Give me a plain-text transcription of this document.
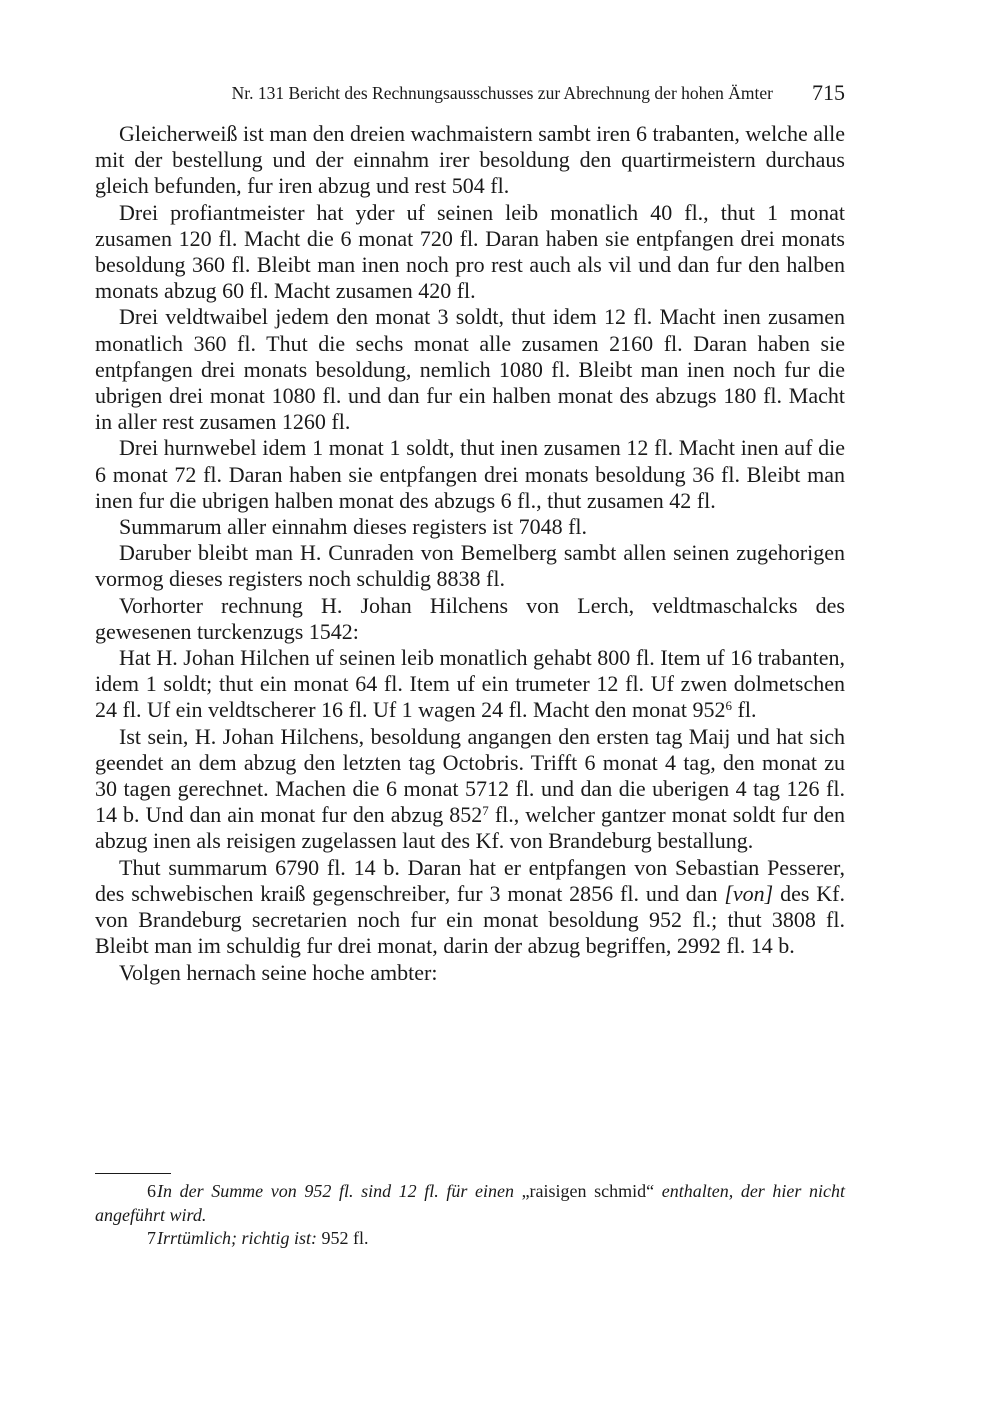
Nr. 131 Bericht des Rechnungsausschusses zur Abrechnung der hohen Ämter 715

Gleicherweiß ist man den dreien wachmaistern sambt iren 6 trabanten, welche alle mit der bestellung und der einnahm irer besoldung den quartirmeistern durchaus gleich befunden, fur iren abzug und rest 504 fl.

Drei profiantmeister hat yder uf seinen leib monatlich 40 fl., thut 1 monat zusamen 120 fl. Macht die 6 monat 720 fl. Daran haben sie entpfangen drei monats besoldung 360 fl. Bleibt man inen noch pro rest auch als vil und dan fur den halben monats abzug 60 fl. Macht zusamen 420 fl.

Drei veldtwaibel jedem den monat 3 soldt, thut idem 12 fl. Macht inen zusamen monatlich 360 fl. Thut die sechs monat alle zusamen 2160 fl. Daran haben sie entpfangen drei monats besoldung, nemlich 1080 fl. Bleibt man inen noch fur die ubrigen drei monat 1080 fl. und dan fur ein halben monat des abzugs 180 fl. Macht in aller rest zusamen 1260 fl.

Drei hurnwebel idem 1 monat 1 soldt, thut inen zusamen 12 fl. Macht inen auf die 6 monat 72 fl. Daran haben sie entpfangen drei monats besoldung 36 fl. Bleibt man inen fur die ubrigen halben monat des abzugs 6 fl., thut zusamen 42 fl.

Summarum aller einnahm dieses registers ist 7048 fl.

Daruber bleibt man H. Cunraden von Bemelberg sambt allen seinen zugehorigen vormog dieses registers noch schuldig 8838 fl.

Vorhorter rechnung H. Johan Hilchens von Lerch, veldtmaschalcks des gewesenen turckenzugs 1542:

Hat H. Johan Hilchen uf seinen leib monatlich gehabt 800 fl. Item uf 16 trabanten, idem 1 soldt; thut ein monat 64 fl. Item uf ein trumeter 12 fl. Uf zwen dolmetschen 24 fl. Uf ein veldtscherer 16 fl. Uf 1 wagen 24 fl. Macht den monat $952^6$ fl.

Ist sein, H. Johan Hilchens, besoldung angangen den ersten tag Maij und hat sich geendet an dem abzug den letzten tag Octobris. Trifft 6 monat 4 tag, den monat zu 30 tagen gerechnet. Machen die 6 monat 5712 fl. und dan die uberigen 4 tag 126 fl. 14 b. Und dan ain monat fur den abzug $852^7$ fl., welcher gantzer monat soldt fur den abzug inen als reisigen zugelassen laut des Kf. von Brandeburg bestallung.

Thut summarum 6790 fl. 14 b. Daran hat er entpfangen von Sebastian Pesserer, des schwebischen kraiß gegenschreiber, fur 3 monat 2856 fl. und dan [von] des Kf. von Brandeburg secretarien noch fur ein monat besoldung 952 fl.; thut 3808 fl. Bleibt man im schuldig fur drei monat, darin der abzug begriffen, 2992 fl. 14 b.

Volgen hernach seine hoche ambter:

6In der Summe von 952 fl. sind 12 fl. für einen „raisigen schmid“ enthalten, der hier nicht angeführt wird.

7Irrtümlich; richtig ist: 952 fl.
